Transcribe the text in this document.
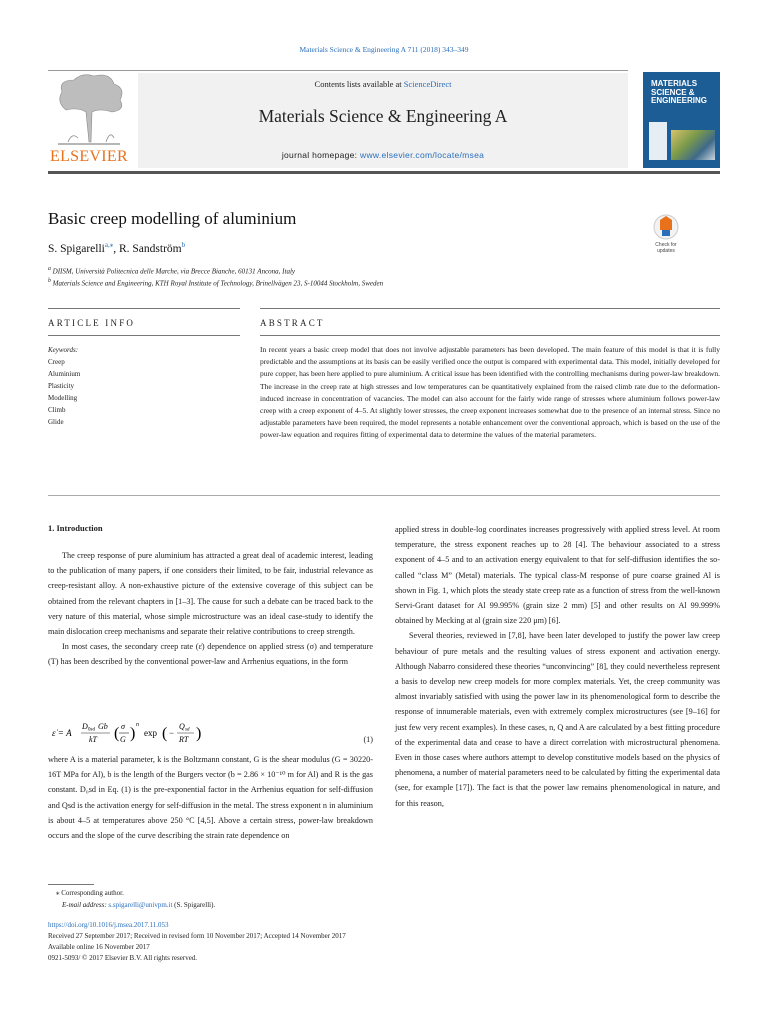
Materials Science & Engineering A 711 (2018) 343–349
ELSEVIER
Contents lists available at ScienceDirect
Materials Science & Engineering A
journal homepage: www.elsevier.com/locate/msea
MATERIALS SCIENCE & ENGINEERING
Basic creep modelling of aluminium
S. Spigarelli$^{a,⁎}$, R. Sandström$^b$	Check for updates
$^a$ DIISM, Università Politecnica delle Marche, via Brecce Bianche, 60131 Ancona, Italy
$^b$ Materials Science and Engineering, KTH Royal Institute of Technology, Brinellvägen 23, S-10044 Stockholm, Sweden
ARTICLE INFO	ABSTRACT
Keywords:
Creep
Aluminium
Plasticity
Modelling
Climb
Glide
In recent years a basic creep model that does not involve adjustable parameters has been developed. The main feature of this model is that it is fully predictable and the assumptions at its basis can be easily verified once the output is compared with experimental data. This model, initially developed for pure copper, has been here applied to pure aluminium. A critical issue has been identified with the controlling mechanisms during power-law breakdown. The increase in the creep rate at high stresses and low temperatures can be quantitatively explained from the raised climb rate due to the deformation-induced increase in concentration of vacancies. The model can also account for the fairly wide range of stresses where aluminium follows power-law creep with a creep exponent of 4–5. At slightly lower stresses, the creep exponent increases somewhat due to the presence of an internal stress. Since no adjustable parameters have been required, the model represents a notable enhancement over the conventional approach, which is based on the use of the power-law equation and requires fitting of experimental data to determine the values of the material parameters.
1. Introduction

The creep response of pure aluminium has attracted a great deal of academic interest, leading to the publication of many papers, if one considers their limited, to be fair, industrial relevance as creep-resistant alloy. A non-exhaustive picture of the extensive coverage of this subject can be obtained from the relevant chapters in [1–3]. The cause for such a debate can be traced back to the very nature of this material, whose simple microstructure was an ideal case-study to identify the main dislocation creep mechanisms and separate their relative contributions to creep strength.

In most cases, the secondary creep rate (ε̇) dependence on applied stress (σ) and temperature (T) has been described by the conventional power-law and Arrhenius equations, in the form

ε̇ = A
D 0sd Gb
kT ( σ
G ) n
exp ( −
Q sd
RT )	(1)

where A is a material parameter, k is the Boltzmann constant, G is the shear modulus (G = 30220-16T MPa for Al), b is the length of the Burgers vector (b = 2.86 × 10⁻¹⁰ m for Al) and R is the gas constant. D₀sd in Eq. (1) is the pre-exponential factor in the Arrhenius equation for self-diffusion and Qsd is the activation energy for self-diffusion in the metal. The stress exponent n in aluminium is about 4–5 at temperatures above 250 °C [4,5]. Above a certain stress, power-law breakdown occurs and the slope of the curve describing the strain rate dependence on

applied stress in double-log coordinates increases progressively with applied stress level. At room temperature, the stress exponent reaches up to 28 [4]. The behaviour associated to a stress exponent of 4–5 and to an activation energy equivalent to that for self-diffusion identifies the so-called “class M” (Metal) materials. The typical class-M response of pure coarse grained Al is shown in Fig. 1, which plots the steady state creep rate as a function of stress from the well-known Servi-Grant dataset for Al 99.995% (grain size 2 mm) [5] and other results on Al 99.999% obtained by Mecking at al (grain size 220 μm) [6].

Several theories, reviewed in [7,8], have been later developed to justify the power law creep behaviour of pure metals and the resulting values of stress exponent and activation energy. Although Nabarro considered these theories “unconvincing” [8], they could nevertheless represent a basis to develop new creep models for more complex materials. Yet, the creep community was almost invariably satisfied with using the power law in its phenomenological form to describe the response of innumerable materials, even with extremely complex microstructures (see [9–16] for just few very recent examples). In these cases, n, Q and A are calculated by a best fitting procedure of the experimental data and cease to have a direct correlation with microstructural phenomena. Even in those cases where authors attempt to develop constitutive models based on the physics of phenomena, a number of material parameters need to be calculated by fitting the experimental data (see, for example [17]). The fact is that the power law remains phenomenological in nature, and for this reason,

⁎ Corresponding author.
E-mail address: s.spigarelli@univpm.it (S. Spigarelli).
https://doi.org/10.1016/j.msea.2017.11.053
Received 27 September 2017; Received in revised form 10 November 2017; Accepted 14 November 2017
Available online 16 November 2017
0921-5093/ © 2017 Elsevier B.V. All rights reserved.
